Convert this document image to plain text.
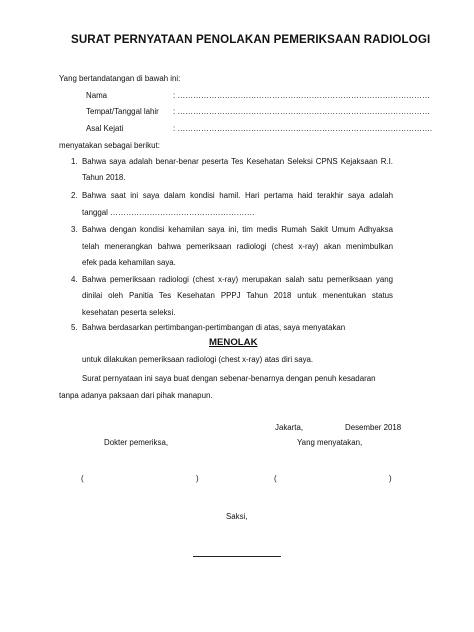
SURAT PERNYATAAN PENOLAKAN PEMERIKSAAN RADIOLOGI
Yang bertandatangan di bawah ini:
Nama	: ……………………………………………………………………………………
Tempat/Tanggal lahir : ……………………………………………………………………………………
Asal Kejati	: …………………………………………………………………………………….
menyatakan sebagai berikut:
1. Bahwa saya adalah benar-benar peserta Tes Kesehatan Seleksi CPNS Kejaksaan R.I.
Tahun 2018.
2. Bahwa saat ini saya dalam kondisi hamil. Hari pertama haid terakhir saya adalah
tanggal ……………………………………………….
3. Bahwa dengan kondisi kehamilan saya ini, tim medis Rumah Sakit Umum Adhyaksa
telah menerangkan bahwa pemeriksaan radiologi (chest x-ray) akan menimbulkan
efek pada kehamilan saya.
4. Bahwa pemeriksaan radiologi (chest x-ray) merupakan salah satu pemeriksaan yang
dinilai oleh Panitia Tes Kesehatan PPPJ Tahun 2018 untuk menentukan status
kesehatan peserta seleksi.
5. Bahwa berdasarkan pertimbangan-pertimbangan di atas, saya menyatakan
MENOLAK
untuk dilakukan pemeriksaan radiologi (chest x-ray) atas diri saya.
Surat pernyataan ini saya buat dengan sebenar-benarnya dengan penuh kesadaran
tanpa adanya paksaan dari pihak manapun.
Jakarta,	Desember 2018
Dokter pemeriksa,	Yang menyatakan,
(	)	(	)
Saksi,
